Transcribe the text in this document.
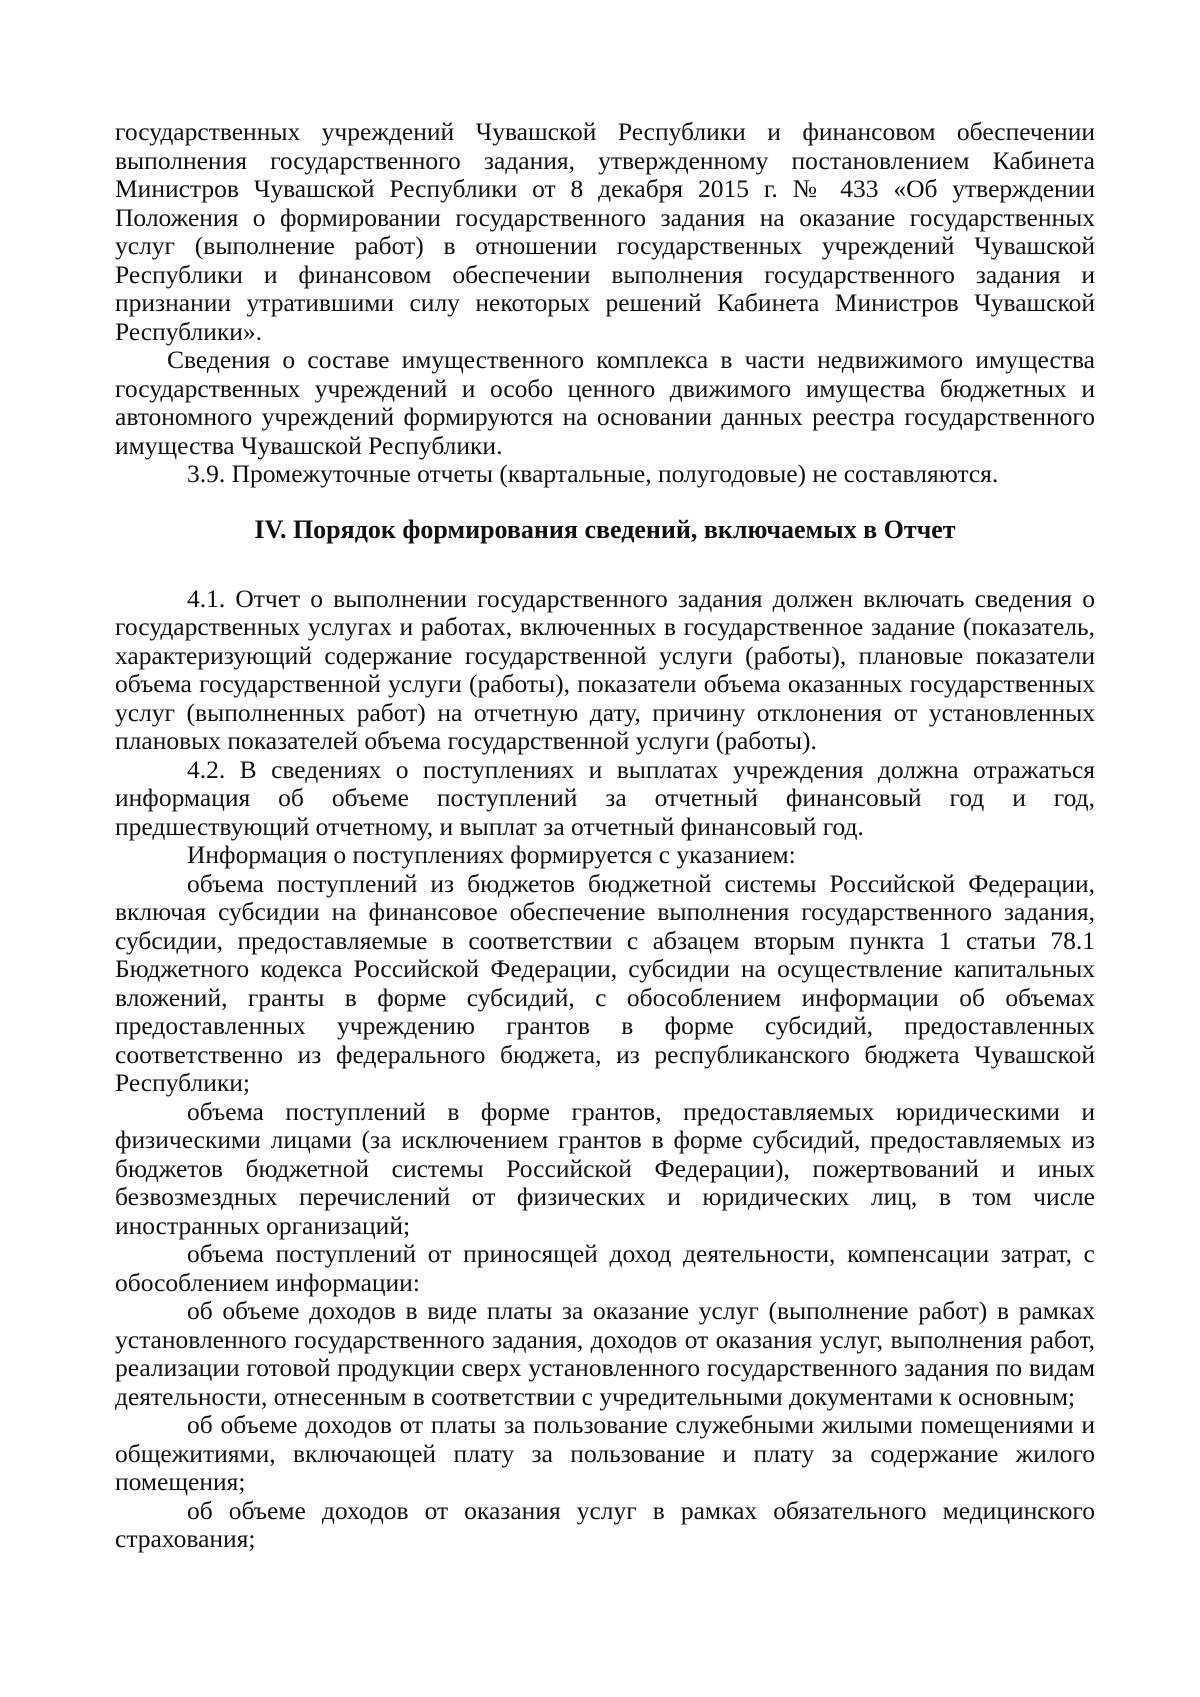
государственных учреждений Чувашской Республики и финансовом обеспечении выполнения государственного задания, утвержденному постановлением Кабинета Министров Чувашской Республики от 8 декабря 2015 г. № 433 «Об утверждении Положения о формировании государственного задания на оказание государственных услуг (выполнение работ) в отношении государственных учреждений Чувашской Республики и финансовом обеспечении выполнения государственного задания и признании утратившими силу некоторых решений Кабинета Министров Чувашской Республики».

Сведения о составе имущественного комплекса в части недвижимого имущества государственных учреждений и особо ценного движимого имущества бюджетных и автономного учреждений формируются на основании данных реестра государственного имущества Чувашской Республики.

3.9. Промежуточные отчеты (квартальные, полугодовые) не составляются.

IV. Порядок формирования сведений, включаемых в Отчет

4.1. Отчет о выполнении государственного задания должен включать сведения о государственных услугах и работах, включенных в государственное задание (показатель, характеризующий содержание государственной услуги (работы), плановые показатели объема государственной услуги (работы), показатели объема оказанных государственных услуг (выполненных работ) на отчетную дату, причину отклонения от установленных плановых показателей объема государственной услуги (работы).

4.2. В сведениях о поступлениях и выплатах учреждения должна отражаться информация об объеме поступлений за отчетный финансовый год и год, предшествующий отчетному, и выплат за отчетный финансовый год.

Информация о поступлениях формируется с указанием:

объема поступлений из бюджетов бюджетной системы Российской Федерации, включая субсидии на финансовое обеспечение выполнения государственного задания, субсидии, предоставляемые в соответствии с абзацем вторым пункта 1 статьи 78.1 Бюджетного кодекса Российской Федерации, субсидии на осуществление капитальных вложений, гранты в форме субсидий, с обособлением информации об объемах предоставленных учреждению грантов в форме субсидий, предоставленных соответственно из федерального бюджета, из республиканского бюджета Чувашской Республики;

объема поступлений в форме грантов, предоставляемых юридическими и физическими лицами (за исключением грантов в форме субсидий, предоставляемых из бюджетов бюджетной системы Российской Федерации), пожертвований и иных безвозмездных перечислений от физических и юридических лиц, в том числе иностранных организаций;

объема поступлений от приносящей доход деятельности, компенсации затрат, с обособлением информации:

об объеме доходов в виде платы за оказание услуг (выполнение работ) в рамках установленного государственного задания, доходов от оказания услуг, выполнения работ, реализации готовой продукции сверх установленного государственного задания по видам деятельности, отнесенным в соответствии с учредительными документами к основным;

об объеме доходов от платы за пользование служебными жилыми помещениями и общежитиями, включающей плату за пользование и плату за содержание жилого помещения;

об объеме доходов от оказания услуг в рамках обязательного медицинского страхования;
